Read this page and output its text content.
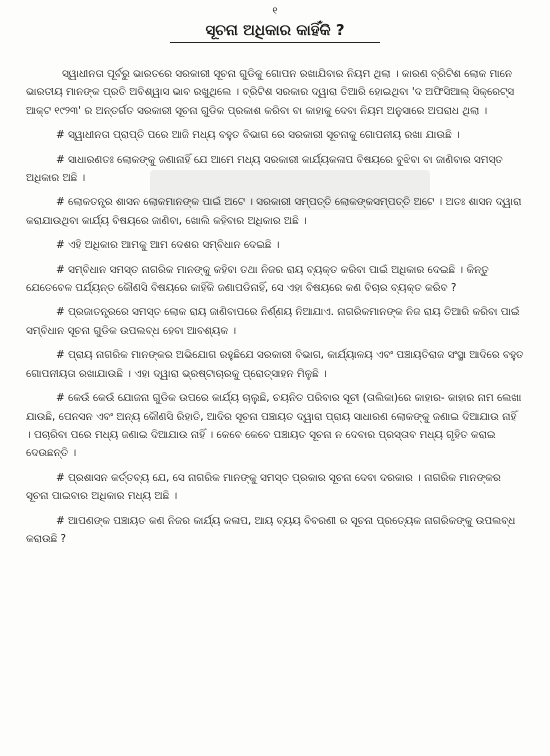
୧
ସୂଚନା ଅଧିକାର କାହିଁକି ?

ସ୍ୱାଧୀନତା ପୂର୍ବରୁ ଭାରତରେ ସରକାରୀ ସୂଚନା ଗୁଡିକୁ ଗୋପନ ରଖାଯିବାର ନିୟମ ଥିଲା । କାରଣ ବ୍ରିଟିଶ ଲୋକ ମାନେ ଭାରତୀୟ ମାନଙ୍କ ପ୍ରତି ଅବିଶ୍ୱାସ ଭାବ ରଖୁଥିଲେ । ବ୍ରିଟିଶ ସରକାର ଦ୍ୱାରା ତିଆରି ହୋଇଥିବା 'ଦ ଅଫିସିଆଲ୍ ସିକ୍ରେଟ୍ସ ଆକ୍ଟ ୧୯୨୩' ର ଅନ୍ତର୍ଗତ ସରକାରୀ ସୂଚନା ଗୁଡିକ ପ୍ରକାଶ କରିବା ବା କାହାକୁ ଦେବା ନିୟମ ଅନୁସାରେ ଅପରାଧ ଥିଲା ।

# ସ୍ୱାଧୀନତା ପ୍ରାପ୍ତି ପରେ ଆଜି ମଧ୍ୟ ବହୁତ ବିଭାଗ ରେ ସରକାରୀ ସୂଚନାକୁ ଗୋପନୀୟ ରଖା ଯାଉଛି ।

# ସାଧାରଣତଃ ଲୋକଙ୍କୁ ଜଣାନାହିଁ ଯେ ଆମେ ମଧ୍ୟ ସରକାରୀ କାର୍ଯ୍ୟକଳାପ ବିଷୟରେ ବୁଝିବା ବା ଜାଣିବାର ସମସ୍ତ ଅଧିକାର ଅଛି ।

# ଲୋକତନ୍ତ୍ର ଶାସନ ଲୋକମାନଙ୍କ ପାଇଁ ଅଟେ । ସରକାରୀ ସମ୍ପତ୍ତି ଲୋକଙ୍କସମ୍ପତ୍ତି ଅଟେ । ଅତଃ ଶାସନ ଦ୍ୱାରା କରାଯାଉଥିବା କାର୍ଯ୍ୟ ବିଷୟରେ ଜାଣିବା, ଖୋଲି କହିବାର ଅଧିକାର ଅଛି ।

# ଏହି ଅଧିକାର ଆମକୁ ଆମ ଦେଶର ସମ୍ବିଧାନ ଦେଇଛି ।

# ସମ୍ବିଧାନ ସମସ୍ତ ନାଗରିକ ମାନଙ୍କୁ କହିବା ତଥା ନିଜର ରାୟ ବ୍ୟକ୍ତ କରିବା ପାଇଁ ଅଧିକାର ଦେଇଛି । କିନ୍ତୁ ଯେତେବେଳ ପର୍ଯ୍ୟନ୍ତ କୌଣସି ବିଷୟରେ କାହିଁକି ଜଣାପଡିନାହିଁ, ସେ ଏହା ବିଷୟରେ କଣ ବିଚାର ବ୍ୟକ୍ତ କରିବ ?

# ପ୍ରଜାତନ୍ତ୍ରରେ ସମସ୍ତ ଲୋକ ରାୟ ଜାଣିବାପରେ ନିର୍ଣ୍ଣୟ ନିଆଯାଏ. ନାଗରିକମାନଙ୍କ ନିଜ ରାୟ ତିଆରି କରିବା ପାଇଁ ସମ୍ବିଧାନ ସୂଚନା ଗୁଡିକ ଉପଲବ୍ଧ ହେବା ଆବଶ୍ୟକ ।

# ପ୍ରାୟ ନାଗରିକ ମାନଙ୍କର ଅଭିଯୋଗ ରହୁଛିଯେ ସରକାରୀ ବିଭାଗ, କାର୍ଯ୍ୟାଳୟ ଏବଂ ପଞ୍ଚାୟତିରାଜ ସଂସ୍ଥା ଆଦିରେ ବହୁତ ଗୋପନୀୟତା ରଖାଯାଉଛି । ଏହା ଦ୍ୱାରା ଭ୍ରଷ୍ଟାଚାରକୁ ପ୍ରୋତ୍ସାହନ ମିଳୁଛି ।

# କେଉଁ କେଉଁ ଯୋଜନା ଗୁଡିକ ଉପରେ କାର୍ଯ୍ୟ ଚାଲୁଛି, ଚୟନିତ ପରିବାର ସୂଚୀ (ତାଲିକା)ରେ କାହାର- କାହାର ନାମ ଲେଖା ଯାଉଛି, ପେନସନ ଏବଂ ଅନ୍ୟ କୌଣସି ରିହାତି, ଆଦିର ସୂଚନା ପଞ୍ଚାୟତ ଦ୍ୱାରା ପ୍ରାୟ ସାଧାରଣ ଲୋକଙ୍କୁ ଜଣାଇ ଦିଆଯାଉ ନାହିଁ । ପଚାରିବା ପରେ ମଧ୍ୟ ଜଣାଇ ଦିଆଯାଉ ନାହିଁ । କେବେ କେବେ ପଞ୍ଚାୟତ ସୂଚନା ନ ଦେବାର ପ୍ରସ୍ତାବ ମଧ୍ୟ ଗୃହିତ କରାଇ ଦେଉଛନ୍ତି ।

# ପ୍ରଶାସନ କର୍ତ୍ତବ୍ୟ ଯେ, ସେ ନାଗରିକ ମାନଙ୍କୁ ସମସ୍ତ ପ୍ରକାର ସୂଚନା ଦେବା ଦରକାର । ନାଗରିକ ମାନଙ୍କର ସୂଚନା ପାଇବାର ଅଧିକାର ମଧ୍ୟ ଅଛି ।

# ଆପଣଙ୍କ ପଞ୍ଚାୟତ କଣ ନିଜର କାର୍ଯ୍ୟ କଳାପ, ଆୟ ବ୍ୟୟ ବିବରଣୀ ର ସୂଚନା ପ୍ରତ୍ୟେକ ନାଗରିକଙ୍କୁ ଉପଲବ୍ଧ କରାଉଛି ?
